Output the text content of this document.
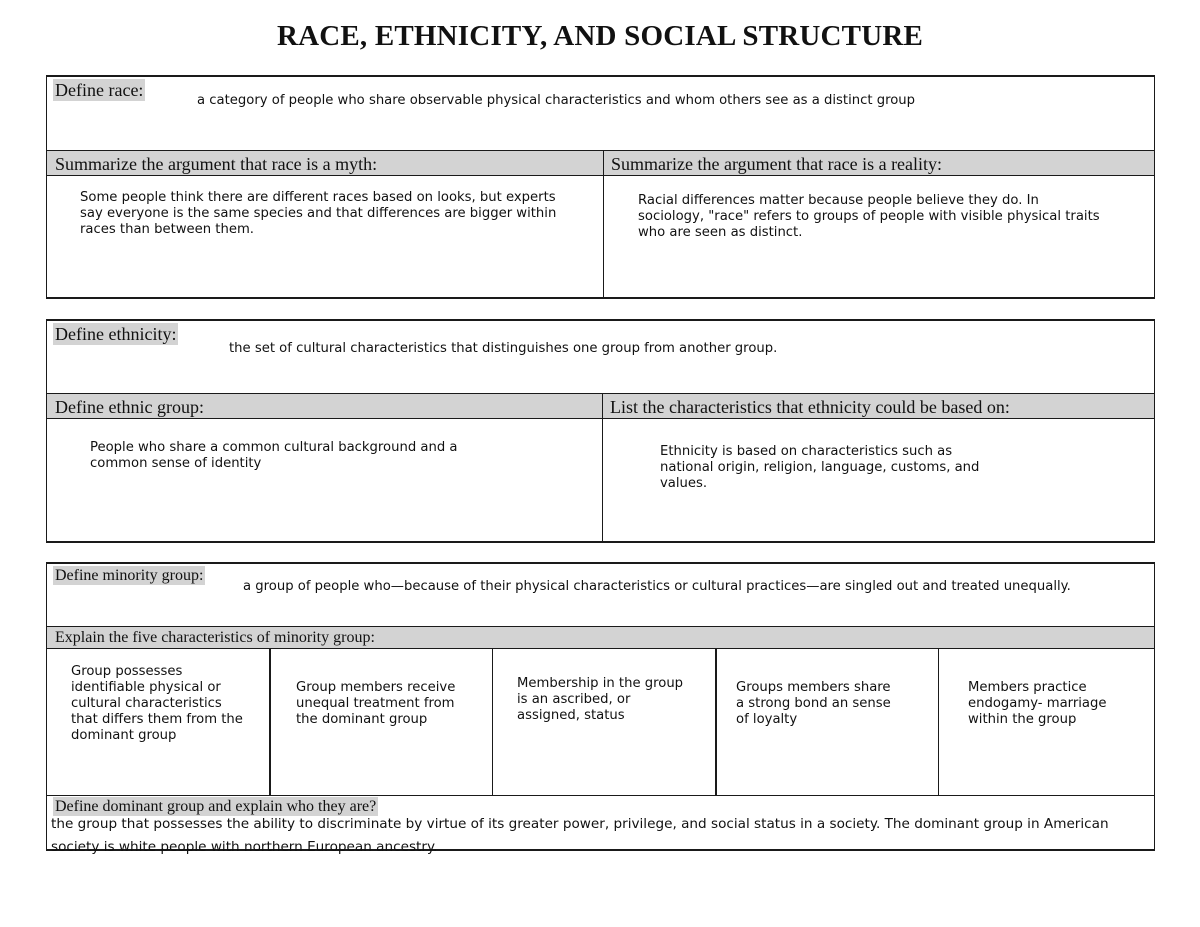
RACE, ETHNICITY, AND SOCIAL STRUCTURE
Define race:
a category of people who share observable physical characteristics and whom others see as a distinct group
Summarize the argument that race is a myth:	Summarize the argument that race is a reality:
Some people think there are different races based on looks, but experts say everyone is the same species and that differences are bigger within races than between them.
Racial differences matter because people believe they do. In sociology, "race" refers to groups of people with visible physical traits who are seen as distinct.
Define ethnicity:
the set of cultural characteristics that distinguishes one group from another group.
Define ethnic group:	List the characteristics that ethnicity could be based on:
People who share a common cultural background and a common sense of identity
Ethnicity is based on characteristics such as national origin, religion, language, customs, and values.
Define minority group:
a group of people who—because of their physical characteristics or cultural practices—are singled out and treated unequally.
Explain the five characteristics of minority group:
Group possesses identifiable physical or cultural characteristics that differs them from the dominant group
Group members receive unequal treatment from the dominant group
Membership in the group is an ascribed, or assigned, status
Groups members share a strong bond an sense of loyalty
Members practice endogamy- marriage within the group
Define dominant group and explain who they are?
the group that possesses the ability to discriminate by virtue of its greater power, privilege, and social status in a society. The dominant group in American society is white people with northern European ancestry.
